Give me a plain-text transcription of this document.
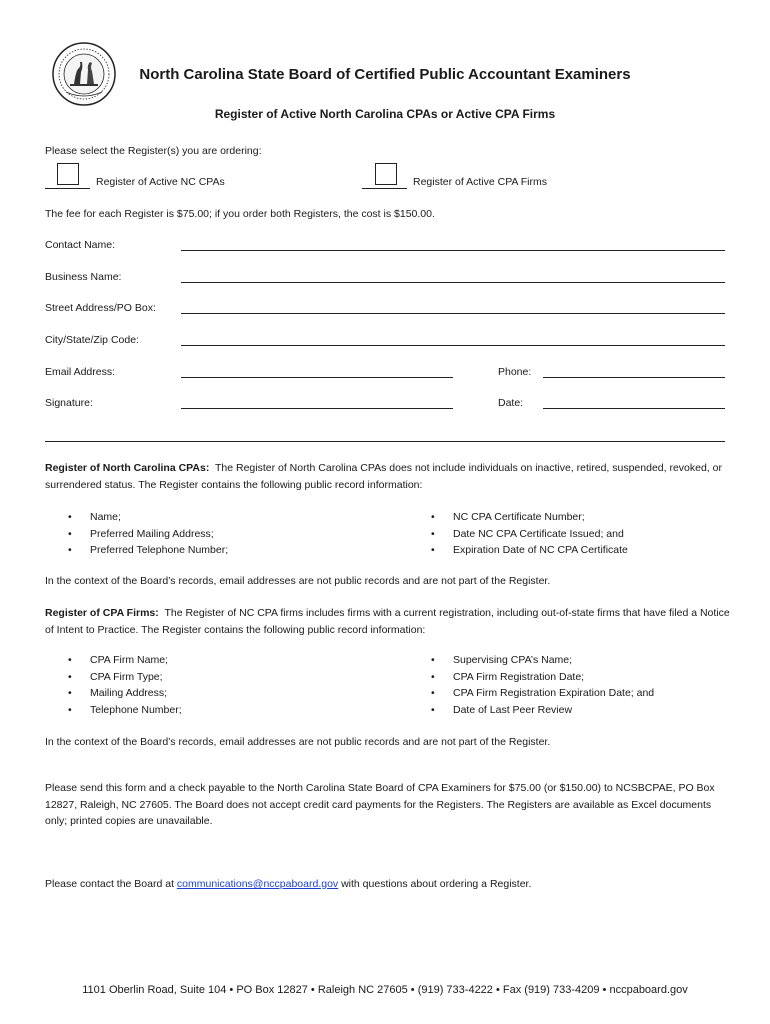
North Carolina State Board of Certified Public Accountant Examiners
Register of Active North Carolina CPAs or Active CPA Firms
Please select the Register(s) you are ordering:
Register of Active NC CPAs	Register of Active CPA Firms
The fee for each Register is $75.00; if you order both Registers, the cost is $150.00.
Contact Name:
Business Name:
Street Address/PO Box:
City/State/Zip Code:
Email Address:	Phone:
Signature:	Date:
Register of North Carolina CPAs: The Register of North Carolina CPAs does not include individuals on inactive, retired, suspended, revoked, or surrendered status. The Register contains the following public record information:
• Name;
• Preferred Mailing Address;
• Preferred Telephone Number;
• NC CPA Certificate Number;
• Date NC CPA Certificate Issued; and
• Expiration Date of NC CPA Certificate
In the context of the Board’s records, email addresses are not public records and are not part of the Register.
Register of CPA Firms: The Register of NC CPA firms includes firms with a current registration, including out-of-state firms that have filed a Notice of Intent to Practice. The Register contains the following public record information:
• CPA Firm Name;
• CPA Firm Type;
• Mailing Address;
• Telephone Number;
• Supervising CPA’s Name;
• CPA Firm Registration Date;
• CPA Firm Registration Expiration Date; and
• Date of Last Peer Review
In the context of the Board’s records, email addresses are not public records and are not part of the Register.
Please send this form and a check payable to the North Carolina State Board of CPA Examiners for $75.00 (or $150.00) to NCSBCPAE, PO Box 12827, Raleigh, NC 27605. The Board does not accept credit card payments for the Registers. The Registers are available as Excel documents only; printed copies are unavailable.
Please contact the Board at communications@nccpaboard.gov with questions about ordering a Register.
1101 Oberlin Road, Suite 104 • PO Box 12827 • Raleigh NC 27605 • (919) 733-4222 • Fax (919) 733-4209 • nccpaboard.gov
